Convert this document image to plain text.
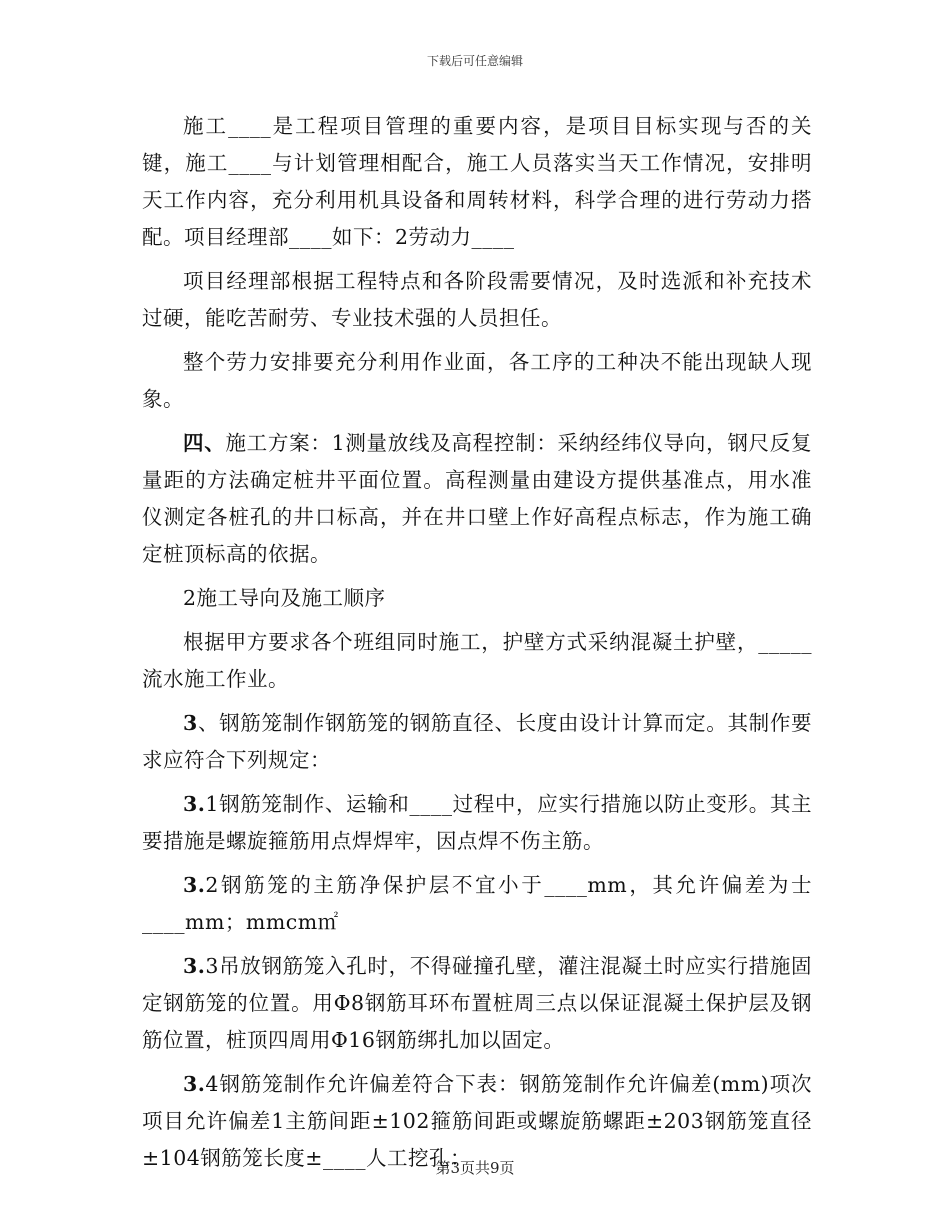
下载后可任意编辑

施工____是工程项目管理的重要内容，是项目目标实现与否的关键，施工____与计划管理相配合，施工人员落实当天工作情况，安排明天工作内容，充分利用机具设备和周转材料，科学合理的进行劳动力搭配。项目经理部____如下：2劳动力____

项目经理部根据工程特点和各阶段需要情况，及时选派和补充技术过硬，能吃苦耐劳、专业技术强的人员担任。

整个劳力安排要充分利用作业面，各工序的工种决不能出现缺人现象。

四、施工方案：1测量放线及高程控制：采纳经纬仪导向，钢尺反复量距的方法确定桩井平面位置。高程测量由建设方提供基准点，用水准仪测定各桩孔的井口标高，并在井口壁上作好高程点标志，作为施工确定桩顶标高的依据。

2施工导向及施工顺序

根据甲方要求各个班组同时施工，护壁方式采纳混凝土护壁，_____流水施工作业。

3、钢筋笼制作钢筋笼的钢筋直径、长度由设计计算而定。其制作要求应符合下列规定：

3.1钢筋笼制作、运输和____过程中，应实行措施以防止变形。其主要措施是螺旋箍筋用点焊焊牢，因点焊不伤主筋。

3.2钢筋笼的主筋净保护层不宜小于____mm，其允许偏差为士____mm；mmcm㎡

3.3吊放钢筋笼入孔时，不得碰撞孔壁，灌注混凝土时应实行措施固定钢筋笼的位置。用Φ8钢筋耳环布置桩周三点以保证混凝土保护层及钢筋位置，桩顶四周用Φ16钢筋绑扎加以固定。

3.4钢筋笼制作允许偏差符合下表：钢筋笼制作允许偏差(mm)项次项目允许偏差1主筋间距±102箍筋间距或螺旋筋螺距±203钢筋笼直径±104钢筋笼长度±____人工挖孔：

第3页共9页
